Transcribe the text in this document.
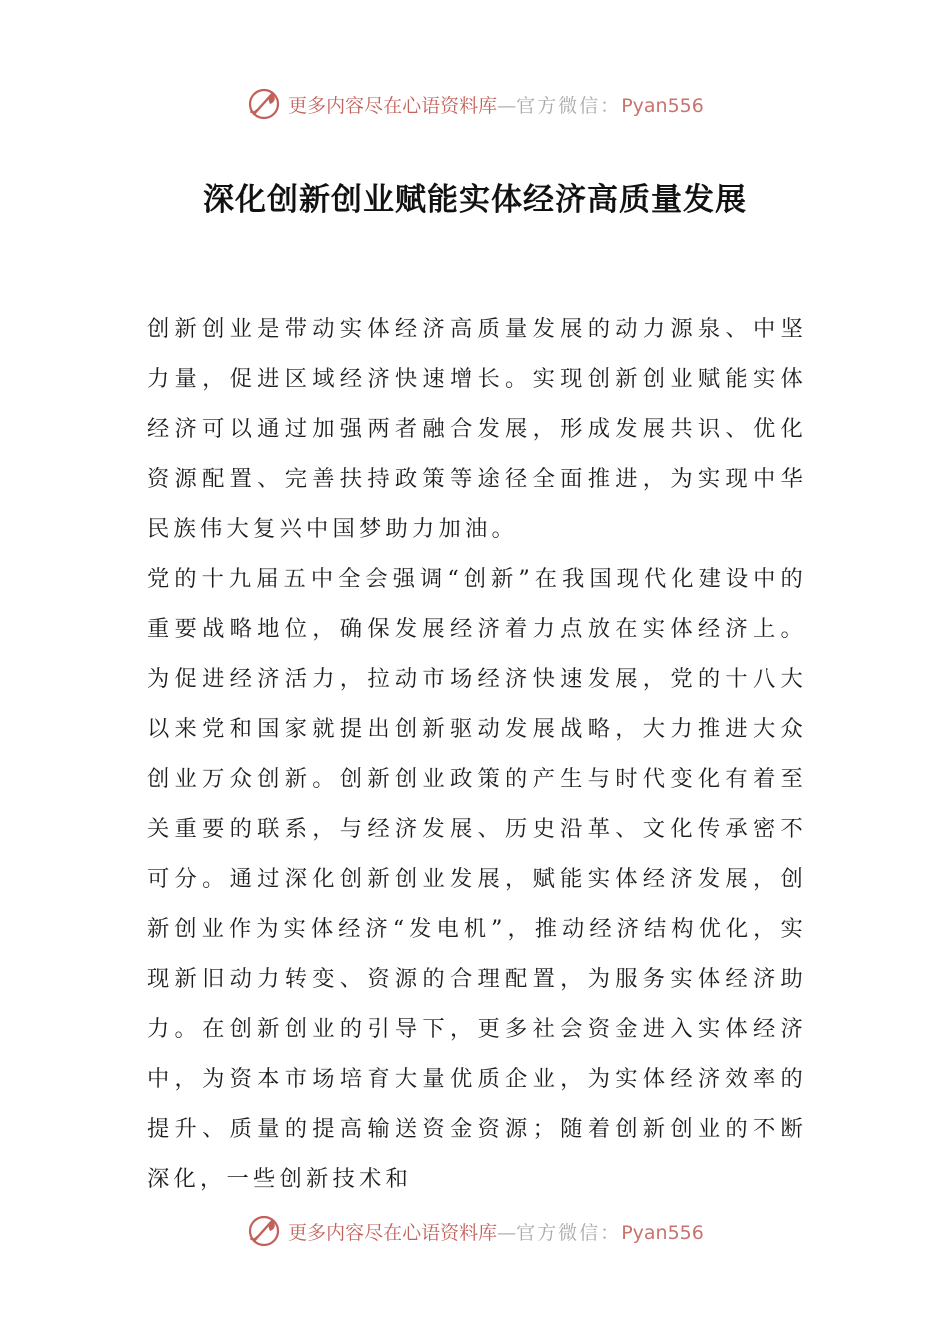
更多内容尽在心语资料库—官方微信：Pyan556
深化创新创业赋能实体经济高质量发展

创新创业是带动实体经济高质量发展的动力源泉、中坚力量，促进区域经济快速增长。实现创新创业赋能实体经济可以通过加强两者融合发展，形成发展共识、优化资源配置、完善扶持政策等途径全面推进，为实现中华民族伟大复兴中国梦助力加油。

党的十九届五中全会强调“创新”在我国现代化建设中的重要战略地位，确保发展经济着力点放在实体经济上。为促进经济活力，拉动市场经济快速发展，党的十八大以来党和国家就提出创新驱动发展战略，大力推进大众创业万众创新。创新创业政策的产生与时代变化有着至关重要的联系，与经济发展、历史沿革、文化传承密不可分。通过深化创新创业发展，赋能实体经济发展，创新创业作为实体经济“发电机”，推动经济结构优化，实现新旧动力转变、资源的合理配置，为服务实体经济助力。在创新创业的引导下，更多社会资金进入实体经济中，为资本市场培育大量优质企业，为实体经济效率的提升、质量的提高输送资金资源；随着创新创业的不断深化，一些创新技术和

更多内容尽在心语资料库—官方微信：Pyan556
